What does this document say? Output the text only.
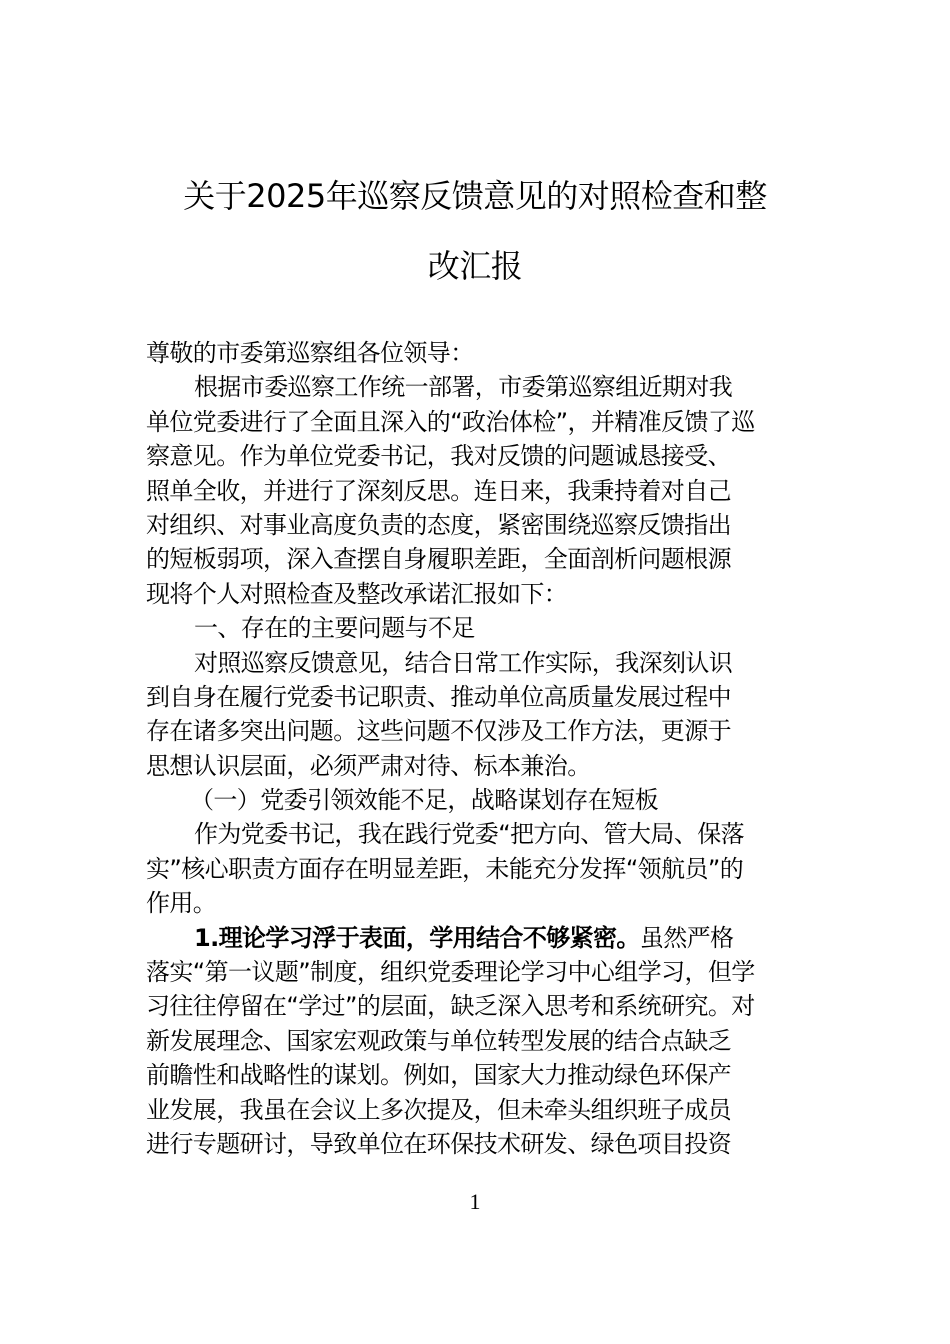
关于2025年巡察反馈意见的对照检查和整
改汇报
尊敬的市委第巡察组各位领导：
根据市委巡察工作统一部署，市委第巡察组近期对我
单位党委进行了全面且深入的“政治体检”，并精准反馈了巡
察意见。作为单位党委书记，我对反馈的问题诚恳接受、
照单全收，并进行了深刻反思。连日来，我秉持着对自己
对组织、对事业高度负责的态度，紧密围绕巡察反馈指出
的短板弱项，深入查摆自身履职差距，全面剖析问题根源
现将个人对照检查及整改承诺汇报如下：
一、存在的主要问题与不足
对照巡察反馈意见，结合日常工作实际，我深刻认识
到自身在履行党委书记职责、推动单位高质量发展过程中
存在诸多突出问题。这些问题不仅涉及工作方法，更源于
思想认识层面，必须严肃对待、标本兼治。
（一）党委引领效能不足，战略谋划存在短板
作为党委书记，我在践行党委“把方向、管大局、保落
实”核心职责方面存在明显差距，未能充分发挥“领航员”的
作用。
1.理论学习浮于表面，学用结合不够紧密。虽然严格
落实“第一议题”制度，组织党委理论学习中心组学习，但学
习往往停留在“学过”的层面，缺乏深入思考和系统研究。对
新发展理念、国家宏观政策与单位转型发展的结合点缺乏
前瞻性和战略性的谋划。例如，国家大力推动绿色环保产
业发展，我虽在会议上多次提及，但未牵头组织班子成员
进行专题研讨，导致单位在环保技术研发、绿色项目投资
1
